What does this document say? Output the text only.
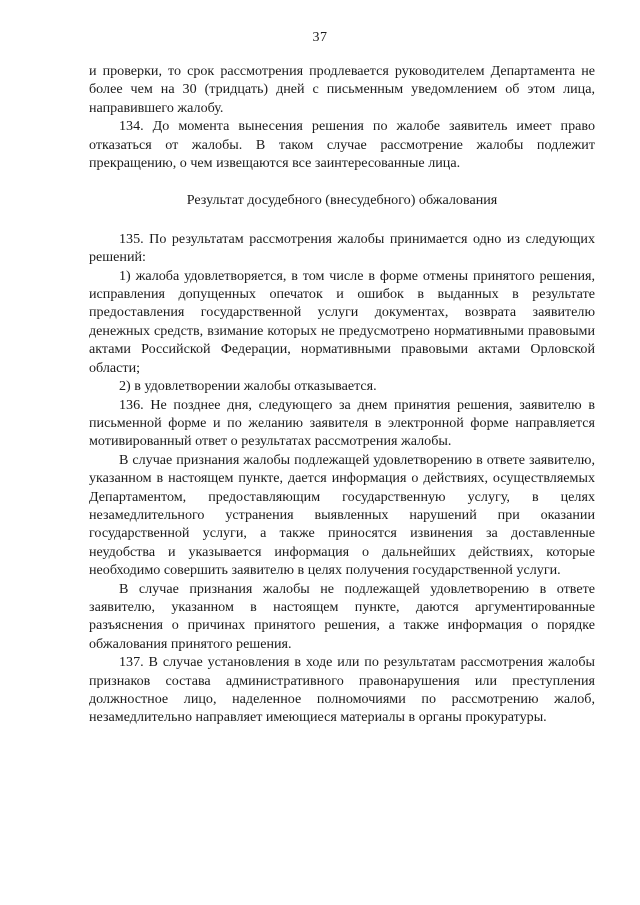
37

и проверки, то срок рассмотрения продлевается руководителем Департамента не более чем на 30 (тридцать) дней с письменным уведомлением об этом лица, направившего жалобу.

134. До момента вынесения решения по жалобе заявитель имеет право отказаться от жалобы. В таком случае рассмотрение жалобы подлежит прекращению, о чем извещаются все заинтересованные лица.

Результат досудебного (внесудебного) обжалования

135. По результатам рассмотрения жалобы принимается одно из следующих решений:

1) жалоба удовлетворяется, в том числе в форме отмены принятого решения, исправления допущенных опечаток и ошибок в выданных в результате предоставления государственной услуги документах, возврата заявителю денежных средств, взимание которых не предусмотрено нормативными правовыми актами Российской Федерации, нормативными правовыми актами Орловской области;

2) в удовлетворении жалобы отказывается.

136. Не позднее дня, следующего за днем принятия решения, заявителю в письменной форме и по желанию заявителя в электронной форме направляется мотивированный ответ о результатах рассмотрения жалобы.

В случае признания жалобы подлежащей удовлетворению в ответе заявителю, указанном в настоящем пункте, дается информация о действиях, осуществляемых Департаментом, предоставляющим государственную услугу, в целях незамедлительного устранения выявленных нарушений при оказании государственной услуги, а также приносятся извинения за доставленные неудобства и указывается информация о дальнейших действиях, которые необходимо совершить заявителю в целях получения государственной услуги.

В случае признания жалобы не подлежащей удовлетворению в ответе заявителю, указанном в настоящем пункте, даются аргументированные разъяснения о причинах принятого решения, а также информация о порядке обжалования принятого решения.

137. В случае установления в ходе или по результатам рассмотрения жалобы признаков состава административного правонарушения или преступления должностное лицо, наделенное полномочиями по рассмотрению жалоб, незамедлительно направляет имеющиеся материалы в органы прокуратуры.
